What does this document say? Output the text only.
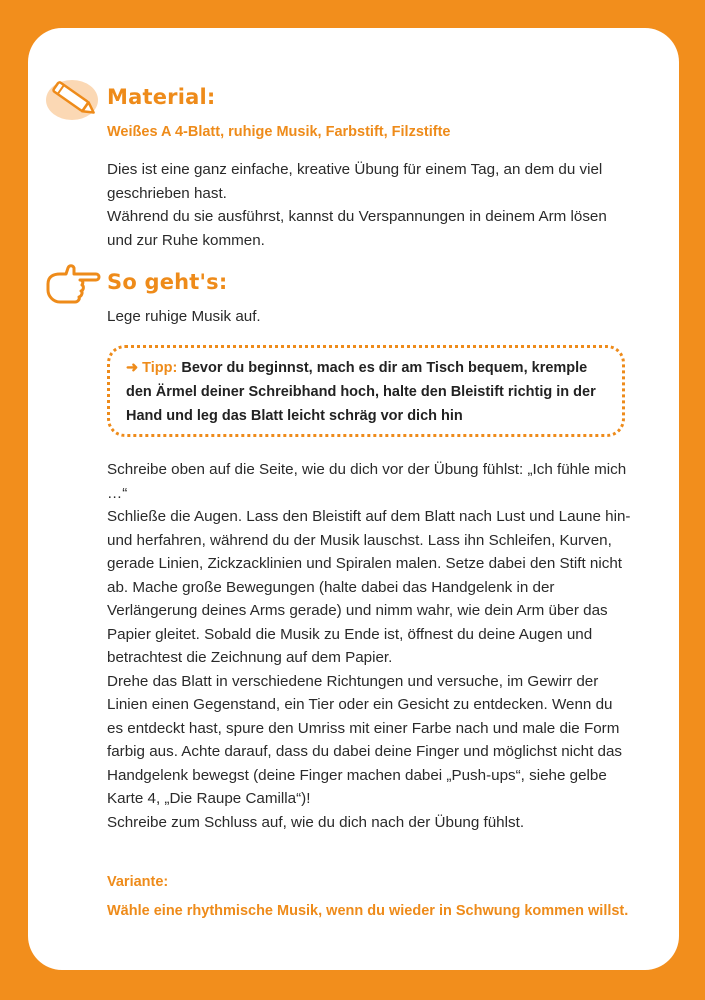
Material:
Weißes A 4-Blatt, ruhige Musik, Farbstift, Filzstifte

Dies ist eine ganz einfache, kreative Übung für einem Tag, an dem du viel geschrieben hast.

Während du sie ausführst, kannst du Verspannungen in deinem Arm lösen und zur Ruhe kommen.

So geht's:

Lege ruhige Musik auf.

➜ Tipp: Bevor du beginnst, mach es dir am Tisch bequem, kremple den Ärmel deiner Schreibhand hoch, halte den Bleistift richtig in der Hand und leg das Blatt leicht schräg vor dich hin

Schreibe oben auf die Seite, wie du dich vor der Übung fühlst: „Ich fühle mich …“

Schließe die Augen. Lass den Bleistift auf dem Blatt nach Lust und Laune hin- und herfahren, während du der Musik lauschst. Lass ihn Schleifen, Kurven, gerade Linien, Zickzacklinien und Spiralen malen. Setze dabei den Stift nicht ab. Mache große Bewegungen (halte dabei das Handgelenk in der Verlängerung deines Arms gerade) und nimm wahr, wie dein Arm über das Papier gleitet. Sobald die Musik zu Ende ist, öffnest du deine Augen und betrachtest die Zeichnung auf dem Papier.

Drehe das Blatt in verschiedene Richtungen und versuche, im Gewirr der Linien einen Gegenstand, ein Tier oder ein Gesicht zu entdecken. Wenn du es entdeckt hast, spure den Umriss mit einer Farbe nach und male die Form farbig aus. Achte darauf, dass du dabei deine Finger und möglichst nicht das Handgelenk bewegst (deine Finger machen dabei „Push-ups“, siehe gelbe Karte 4, „Die Raupe Camilla“)!

Schreibe zum Schluss auf, wie du dich nach der Übung fühlst.

Variante:
Wähle eine rhythmische Musik, wenn du wieder in Schwung kommen willst.
